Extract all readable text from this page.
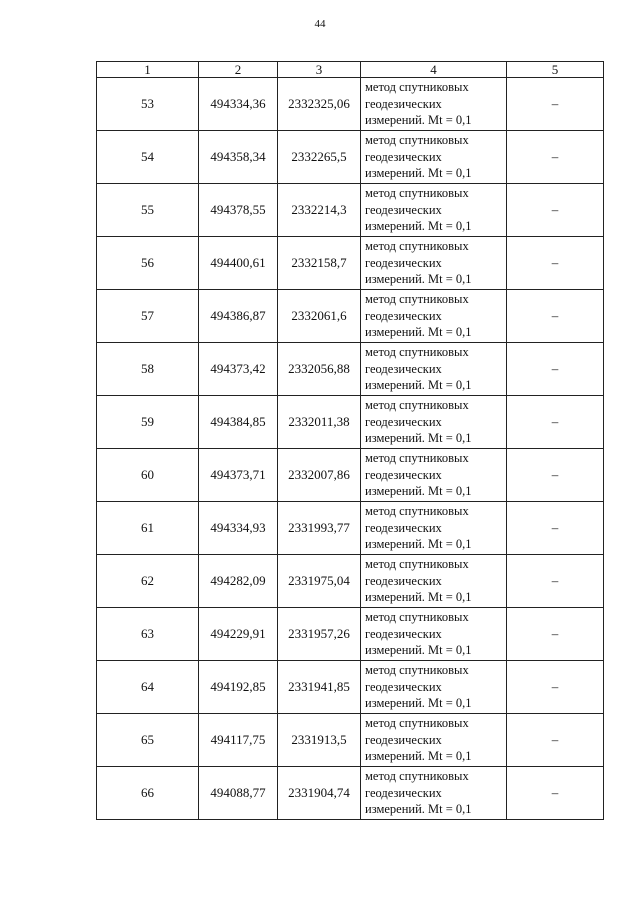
44
1	2	3	4	5
53	494334,36	2332325,06	метод спутниковых
геодезических
измерений. Mt = 0,1	–
54	494358,34	2332265,5	метод спутниковых
геодезических
измерений. Mt = 0,1	–
55	494378,55	2332214,3	метод спутниковых
геодезических
измерений. Mt = 0,1	–
56	494400,61	2332158,7	метод спутниковых
геодезических
измерений. Mt = 0,1	–
57	494386,87	2332061,6	метод спутниковых
геодезических
измерений. Mt = 0,1	–
58	494373,42	2332056,88	метод спутниковых
геодезических
измерений. Mt = 0,1	–
59	494384,85	2332011,38	метод спутниковых
геодезических
измерений. Mt = 0,1	–
60	494373,71	2332007,86	метод спутниковых
геодезических
измерений. Mt = 0,1	–
61	494334,93	2331993,77	метод спутниковых
геодезических
измерений. Mt = 0,1	–
62	494282,09	2331975,04	метод спутниковых
геодезических
измерений. Mt = 0,1	–
63	494229,91	2331957,26	метод спутниковых
геодезических
измерений. Mt = 0,1	–
64	494192,85	2331941,85	метод спутниковых
геодезических
измерений. Mt = 0,1	–
65	494117,75	2331913,5	метод спутниковых
геодезических
измерений. Mt = 0,1	–
66	494088,77	2331904,74	метод спутниковых
геодезических
измерений. Mt = 0,1	–
